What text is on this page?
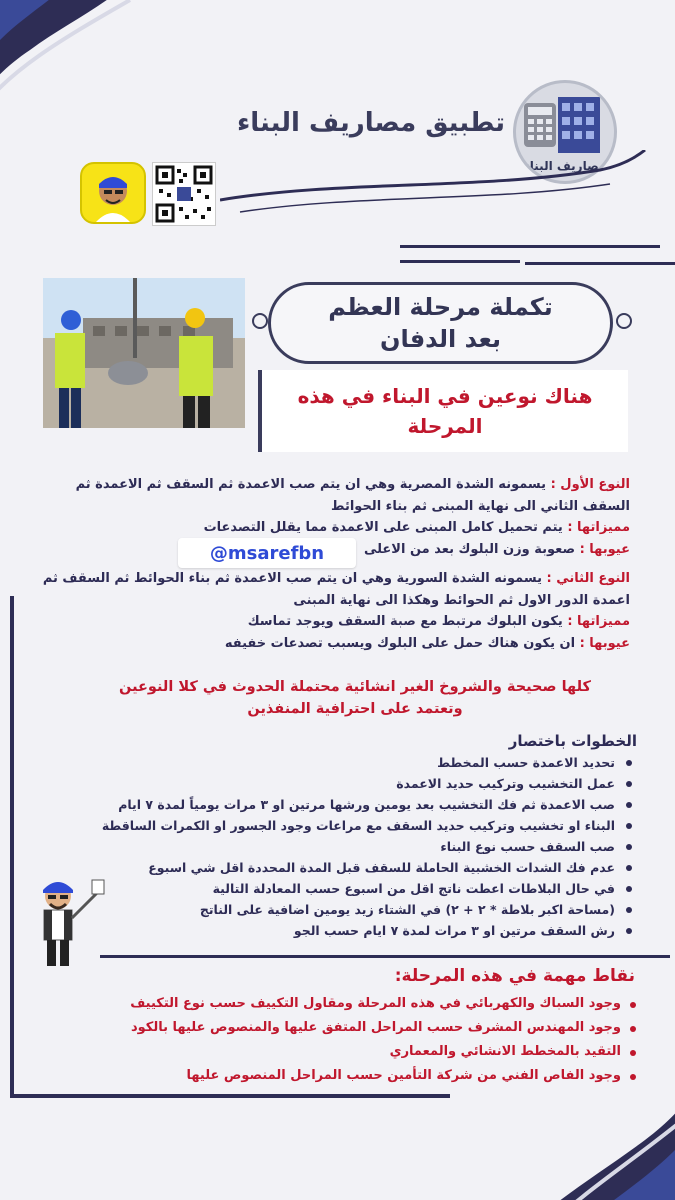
تطبيق مصاريف البناء
مصاريف البناء
تكملة مرحلة العظم بعد الدفان
هناك نوعين في البناء في هذه المرحلة

النوع الأول : يسمونه الشدة المصرية وهي ان يتم صب الاعمدة ثم السقف ثم الاعمدة ثم السقف الثاني الى نهاية المبنى ثم بناء الحوائط

مميزاتها : يتم تحميل كامل المبنى على الاعمدة مما يقلل التصدعات

عيوبها : صعوبة وزن البلوك بعد من الاعلى

النوع الثاني : يسمونه الشدة السورية وهي ان يتم صب الاعمدة ثم بناء الحوائط ثم السقف ثم اعمدة الدور الاول ثم الحوائط وهكذا الى نهاية المبنى

مميزاتها : يكون البلوك مرتبط مع صبة السقف ويوجد تماسك

عيوبها : ان يكون هناك حمل على البلوك ويسبب تصدعات خفيفه

@msarefbn
كلها صحيحة والشروخ الغير انشائية محتملة الحدوث في كلا النوعين وتعتمد على احترافية المنفذين
الخطوات باختصار
تحديد الاعمدة حسب المخطط
عمل التخشيب وتركيب حديد الاعمدة
صب الاعمدة ثم فك التخشيب بعد يومين ورشها مرتين او ٣ مرات يومياً لمدة ٧ ايام
البناء او تخشيب وتركيب حديد السقف مع مراعات وجود الجسور او الكمرات الساقطة
صب السقف حسب نوع البناء
عدم فك الشدات الخشبية الحاملة للسقف قبل المدة المحددة اقل شي اسبوع
في حال البلاطات اعطت ناتج اقل من اسبوع حسب المعادلة التالية
(مساحة اكبر بلاطة * ٢ + ٢) في الشتاء زيد يومين اضافية على الناتج
رش السقف مرتين او ٣ مرات لمدة ٧ ايام حسب الجو
نقاط مهمة في هذه المرحلة:
وجود السباك والكهربائي في هذه المرحلة ومقاول التكييف حسب نوع التكييف
وجود المهندس المشرف حسب المراحل المتفق عليها والمنصوص عليها بالكود
التقيد بالمخطط الانشائي والمعماري
وجود الفاص الفني من شركة التأمين حسب المراحل المنصوص عليها
